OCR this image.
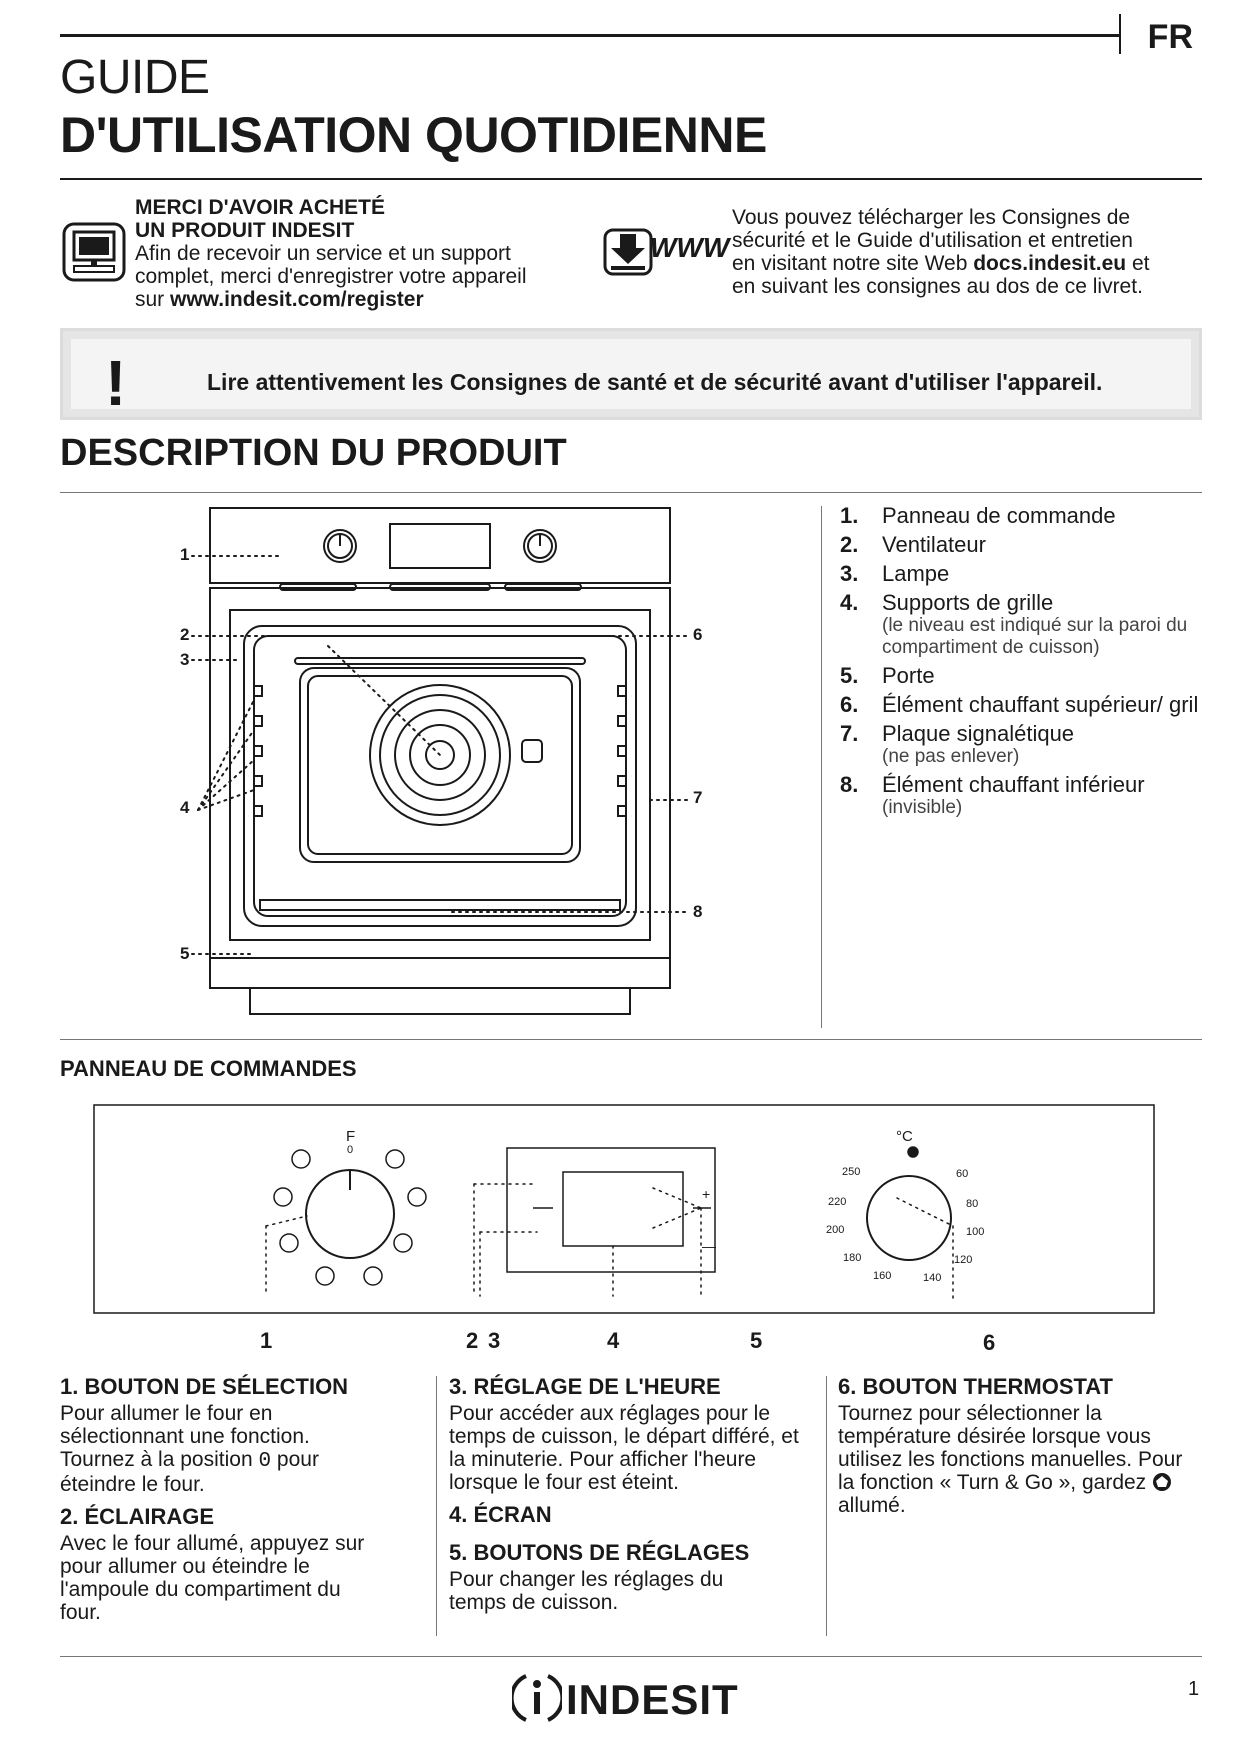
FR
GUIDE
D'UTILISATION QUOTIDIENNE
MERCI D'AVOIR ACHETÉ
UN PRODUIT INDESIT
Afin de recevoir un service et un support
complet, merci d'enregistrer votre appareil
sur www.indesit.com/register
WWW
Vous pouvez télécharger les Consignes de
sécurité et le Guide d'utilisation et entretien
en visitant notre site Web docs.indesit.eu et
en suivant les consignes au dos de ce livret.
!	Lire attentivement les Consignes de santé et de sécurité avant d'utiliser l'appareil.
DESCRIPTION DU PRODUIT
1
2
3
4
5
6
7
8
1.	Panneau de commande
2.	Ventilateur
3.	Lampe
4.	Supports de grille
(le niveau est indiqué sur la paroi du compartiment de cuisson)
5.	Porte
6.	Élément chauffant supérieur/ gril
7.	Plaque signalétique
(ne pas enlever)
8.	Élément chauffant inférieur
(invisible)
PANNEAU DE COMMANDES
F
0
+
—
°C
250	60
220	80
200	100
180	120
160	140
1	2 3	4	5	6
1. BOUTON DE SÉLECTION
Pour allumer le four en
sélectionnant une fonction.
Tournez à la position 0 pour
éteindre le four.
2. ÉCLAIRAGE
Avec le four allumé, appuyez sur pour allumer ou éteindre le l'ampoule du compartiment du four.
3. RÉGLAGE DE L'HEURE
Pour accéder aux réglages pour le temps de cuisson, le départ différé, et la minuterie. Pour afficher l'heure lorsque le four est éteint.
4. ÉCRAN
5. BOUTONS DE RÉGLAGES
Pour changer les réglages du temps de cuisson.
6. BOUTON THERMOSTAT
Tournez pour sélectionner la température désirée lorsque vous utilisez les fonctions manuelles. Pour la fonction « Turn & Go », gardez  allumé.
INDESIT	1
